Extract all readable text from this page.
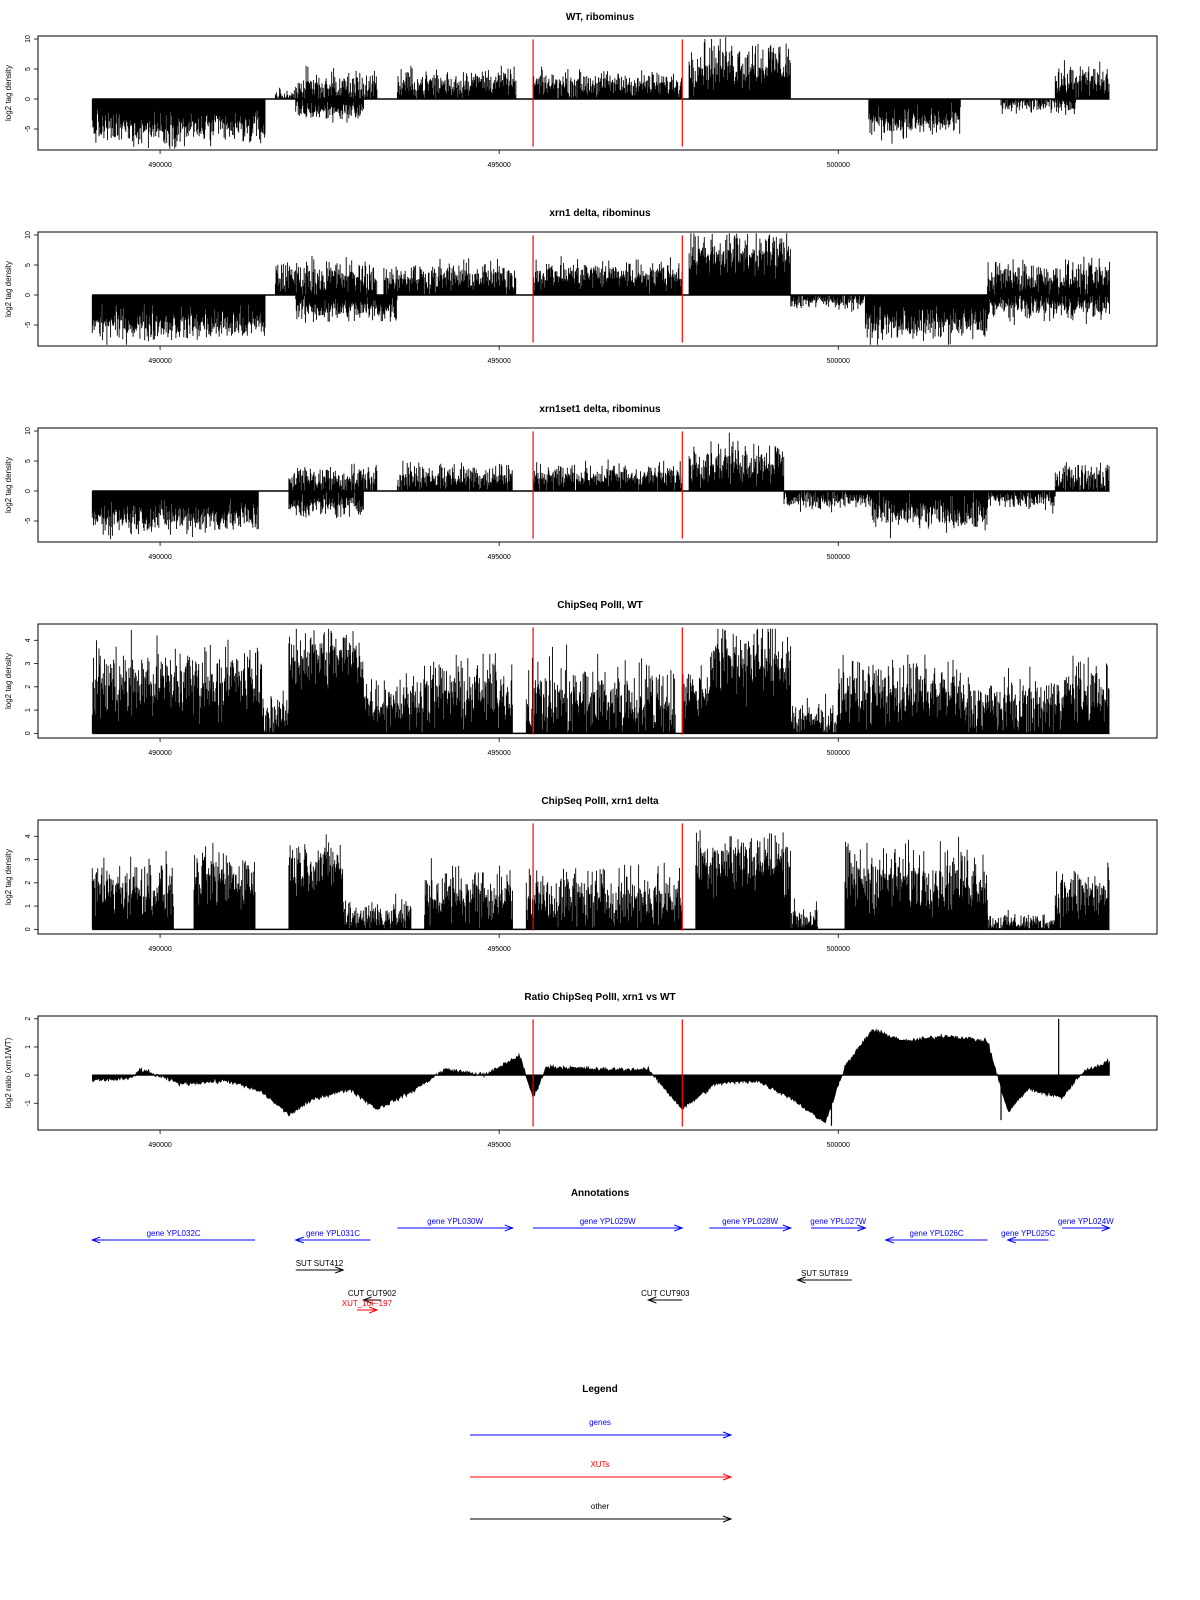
WT, ribominus
log2 tag density
-5
0
5
10
490000	495000	500000
xrn1 delta, ribominus
log2 tag density
-5
0
5
10
490000	495000	500000
xrn1set1 delta, ribominus
log2 tag density
-5
0
5
10
490000	495000	500000
ChipSeq PolII, WT
log2 tag density
0
1
2
3
4
490000	495000	500000
ChipSeq PolII, xrn1 delta
log2 tag density
0
1
2
3
4
490000	495000	500000
Ratio ChipSeq PolII, xrn1 vs WT
log2 ratio (xrn1/WT) -1
0
1
2
490000	495000	500000
Annotations
gene YPL032C	gene YPL031C
gene YPL030W	gene YPL029W	gene YPL028W	gene YPL027W
gene YPL026C	gene YPL025C
gene YPL024W
SUT SUT412
SUT SUT819
CUT CUT902	CUT CUT903
XUT_16F-197
Legend
genes
XUTs
other
